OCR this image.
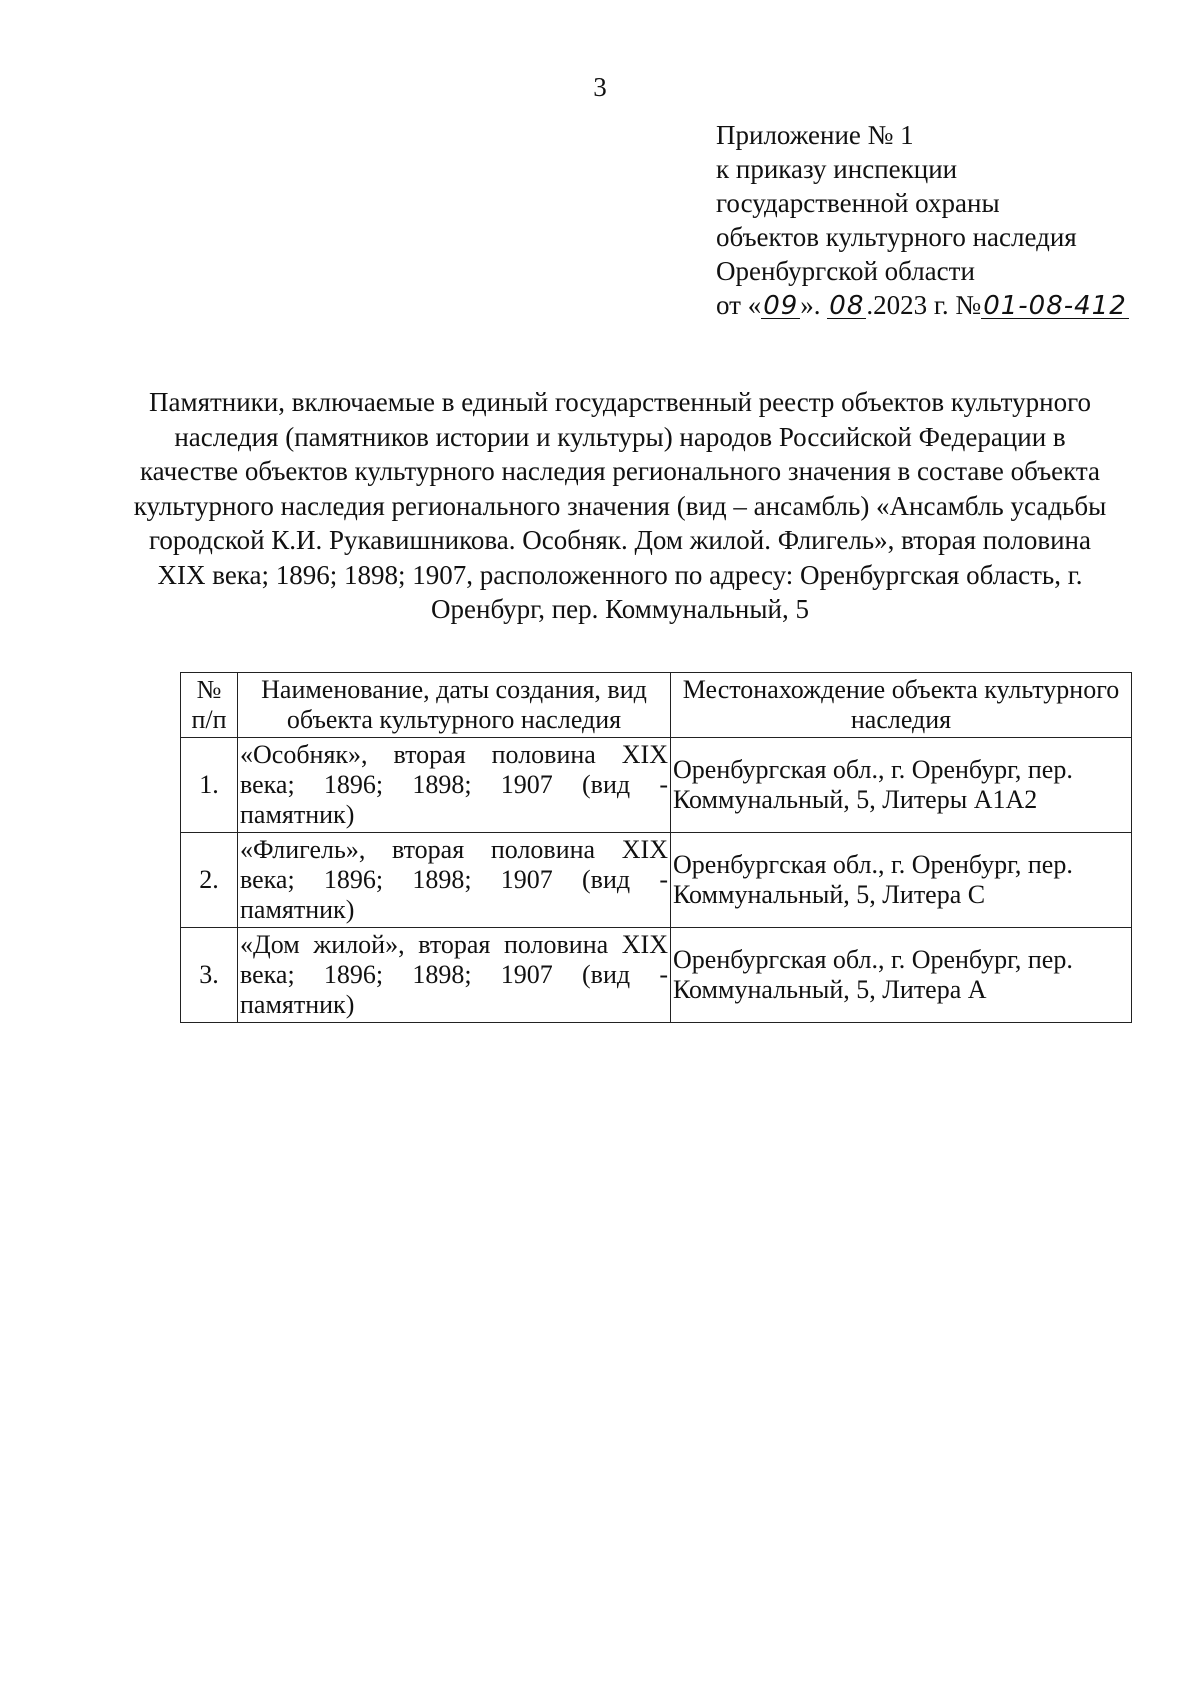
3
Приложение № 1
к приказу инспекции
государственной охраны
объектов культурного наследия
Оренбургской области
от «09». 08.2023 г. №01-08-412
Памятники, включаемые в единый государственный реестр объектов культурного наследия (памятников истории и культуры) народов Российской Федерации в качестве объектов культурного наследия регионального значения в составе объекта культурного наследия регионального значения (вид – ансамбль) «Ансамбль усадьбы городской К.И. Рукавишникова. Особняк. Дом жилой. Флигель», вторая половина XIX века; 1896; 1898; 1907, расположенного по адресу: Оренбургская область, г. Оренбург, пер. Коммунальный, 5
№ п/п	Наименование, даты создания, вид объекта культурного наследия	Местонахождение объекта культурного наследия
1.	«Особняк», вторая половина XIX века; 1896; 1898; 1907 (вид - памятник)	Оренбургская обл., г. Оренбург, пер. Коммунальный, 5, Литеры А1А2
2.	«Флигель», вторая половина XIX века; 1896; 1898; 1907 (вид - памятник)	Оренбургская обл., г. Оренбург, пер. Коммунальный, 5, Литера С
3.	«Дом жилой», вторая половина XIX века; 1896; 1898; 1907 (вид - памятник)	Оренбургская обл., г. Оренбург, пер. Коммунальный, 5, Литера А
